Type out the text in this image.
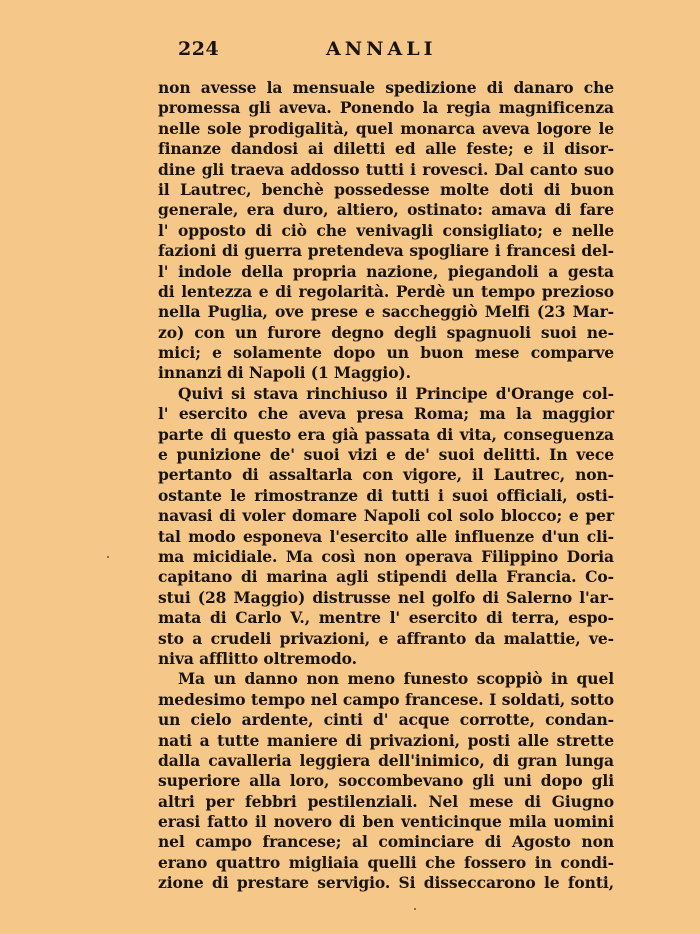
224	ANNALI
non avesse la mensuale spedizione di danaro che
promessa gli aveva. Ponendo la regia magnificenza
nelle sole prodigalità, quel monarca aveva logore le
finanze dandosi ai diletti ed alle feste; e il disor-
dine gli traeva addosso tutti i rovesci. Dal canto suo
il Lautrec, benchè possedesse molte doti di buon
generale, era duro, altiero, ostinato: amava di fare
l' opposto di ciò che venivagli consigliato; e nelle
fazioni di guerra pretendeva spogliare i francesi del-
l' indole della propria nazione, piegandoli a gesta
di lentezza e di regolarità. Perdè un tempo prezioso
nella Puglia, ove prese e saccheggiò Melfi (23 Mar-
zo) con un furore degno degli spagnuoli suoi ne-
mici; e solamente dopo un buon mese comparve
innanzi di Napoli (1 Maggio).
Quivi si stava rinchiuso il Principe d'Orange col-
l' esercito che aveva presa Roma; ma la maggior
parte di questo era già passata di vita, conseguenza
e punizione de' suoi vizi e de' suoi delitti. In vece
pertanto di assaltarla con vigore, il Lautrec, non-
ostante le rimostranze di tutti i suoi officiali, osti-
navasi di voler domare Napoli col solo blocco; e per
tal modo esponeva l'esercito alle influenze d'un cli-
ma micidiale. Ma così non operava Filippino Doria
capitano di marina agli stipendi della Francia. Co-
stui (28 Maggio) distrusse nel golfo di Salerno l'ar-
mata di Carlo V., mentre l' esercito di terra, espo-
sto a crudeli privazioni, e affranto da malattie, ve-
niva afflitto oltremodo.
Ma un danno non meno funesto scoppiò in quel
medesimo tempo nel campo francese. I soldati, sotto
un cielo ardente, cinti d' acque corrotte, condan-
nati a tutte maniere di privazioni, posti alle strette
dalla cavalleria leggiera dell'inimico, di gran lunga
superiore alla loro, soccombevano gli uni dopo gli
altri per febbri pestilenziali. Nel mese di Giugno
erasi fatto il novero di ben venticinque mila uomini
nel campo francese; al cominciare di Agosto non
erano quattro migliaia quelli che fossero in condi-
zione di prestare servigio. Si disseccarono le fonti,
